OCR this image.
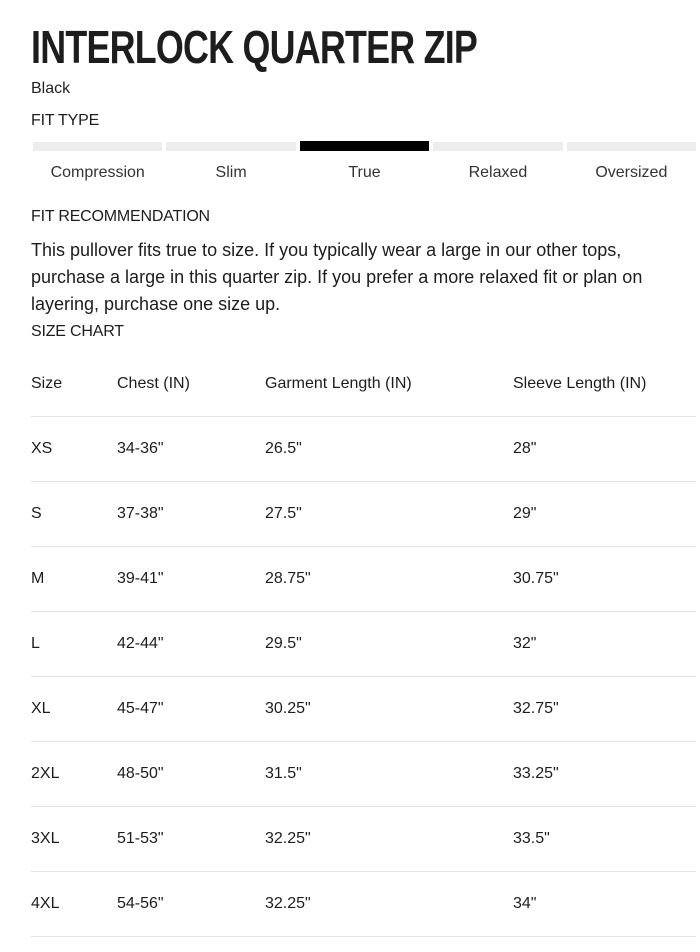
INTERLOCK QUARTER ZIP
Black
FIT TYPE
Compression	Slim	True	Relaxed	Oversized
FIT RECOMMENDATION

This pullover fits true to size. If you typically wear a large in our other tops, purchase a large in this quarter zip. If you prefer a more relaxed fit or plan on layering, purchase one size up.

SIZE CHART
Size	Chest (IN)	Garment Length (IN)	Sleeve Length (IN)
XS	34-36"	26.5"	28"
S	37-38"	27.5"	29"
M	39-41"	28.75"	30.75"
L	42-44"	29.5"	32"
XL	45-47"	30.25"	32.75"
2XL	48-50"	31.5"	33.25"
3XL	51-53"	32.25"	33.5"
4XL	54-56"	32.25"	34"
